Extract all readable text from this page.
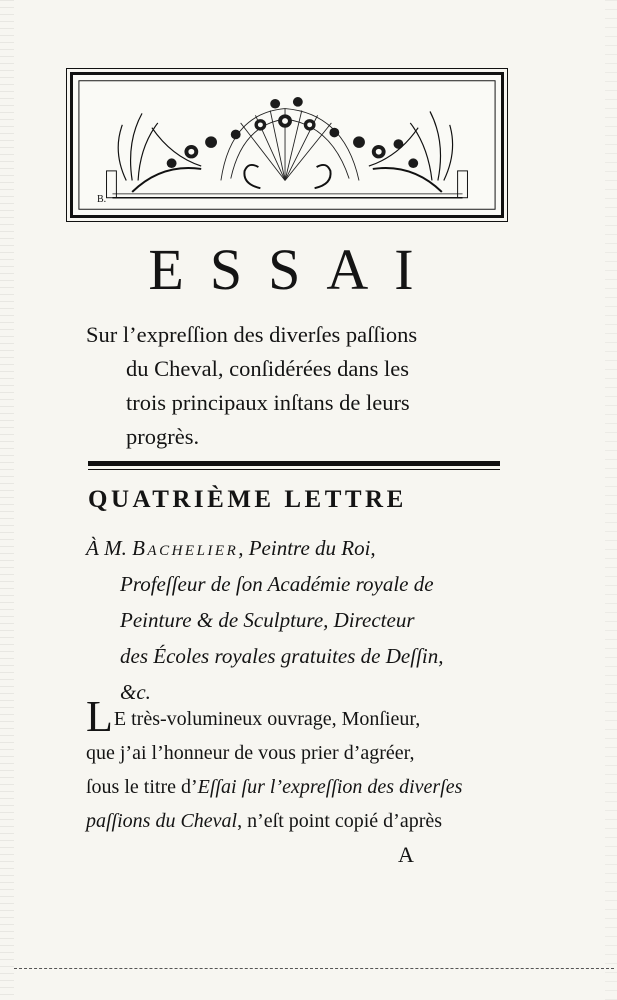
B.
ESSAI

Sur l’expreſſion des diverſes paſſions
du Cheval, conſidérées dans les
trois principaux inſtans de leurs
progrès.

QUATRIÈME LETTRE

À M. Bachelier, Peintre du Roi,
Profeſſeur de ſon Académie royale de
Peinture & de Sculpture, Directeur
des Écoles royales gratuites de Deſſin,
&c.

L E très-volumineux ouvrage, Monſieur,
que j’ai l’honneur de vous prier d’agréer,
ſous le titre d’Eſſai ſur l’expreſſion des diverſes
paſſions du Cheval, n’eſt point copié d’après

A
